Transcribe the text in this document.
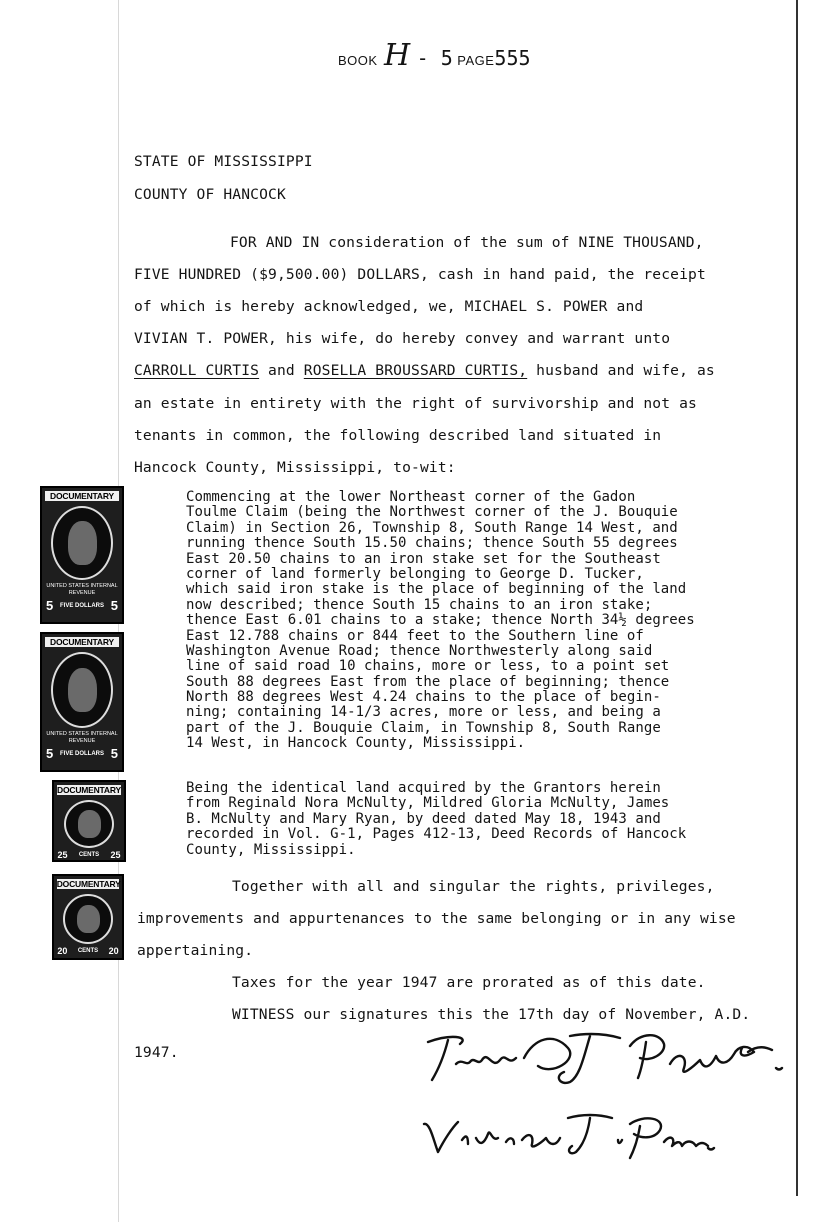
BOOK H - 5 PAGE555
STATE OF MISSISSIPPI
COUNTY OF HANCOCK
FOR AND IN consideration of the sum of NINE THOUSAND,
FIVE HUNDRED ($9,500.00) DOLLARS, cash in hand paid, the receipt
of which is hereby acknowledged, we, MICHAEL S. POWER and
VIVIAN T. POWER, his wife, do hereby convey and warrant unto
CARROLL CURTIS and ROSELLA BROUSSARD CURTIS, husband and wife, as
an estate in entirety with the right of survivorship and not as
tenants in common, the following described land situated in
Hancock County, Mississippi, to-wit:
Commencing at the lower Northeast corner of the Gadon
Toulme Claim (being the Northwest corner of the J. Bouquie
Claim) in Section 26, Township 8, South Range 14 West, and
running thence South 15.50 chains; thence South 55 degrees
East 20.50 chains to an iron stake set for the Southeast
corner of land formerly belonging to George D. Tucker,
which said iron stake is the place of beginning of the land
now described; thence South 15 chains to an iron stake;
thence East 6.01 chains to a stake; thence North 34½ degrees
East 12.788 chains or 844 feet to the Southern line of
Washington Avenue Road; thence Northwesterly along said
line of said road 10 chains, more or less, to a point set
South 88 degrees East from the place of beginning; thence
North 88 degrees West 4.24 chains to the place of begin-
ning; containing 14-1/3 acres, more or less, and being a
part of the J. Bouquie Claim, in Township 8, South Range
14 West, in Hancock County, Mississippi.
Being the identical land acquired by the Grantors herein
from Reginald Nora McNulty, Mildred Gloria McNulty, James
B. McNulty and Mary Ryan, by deed dated May 18, 1943 and
recorded in Vol. G-1, Pages 412-13, Deed Records of Hancock
County, Mississippi.
Together with all and singular the rights, privileges,
improvements and appurtenances to the same belonging or in any wise
appertaining.
Taxes for the year 1947 are prorated as of this date.
WITNESS our signatures this the 17th day of November, A.D.
1947.
DOCUMENTARY
UNITED STATES INTERNAL REVENUE
5 FIVE DOLLARS 5
DOCUMENTARY
UNITED STATES INTERNAL REVENUE
5 FIVE DOLLARS 5
DOCUMENTARY
25 CENTS 25
DOCUMENTARY
20 CENTS 20
